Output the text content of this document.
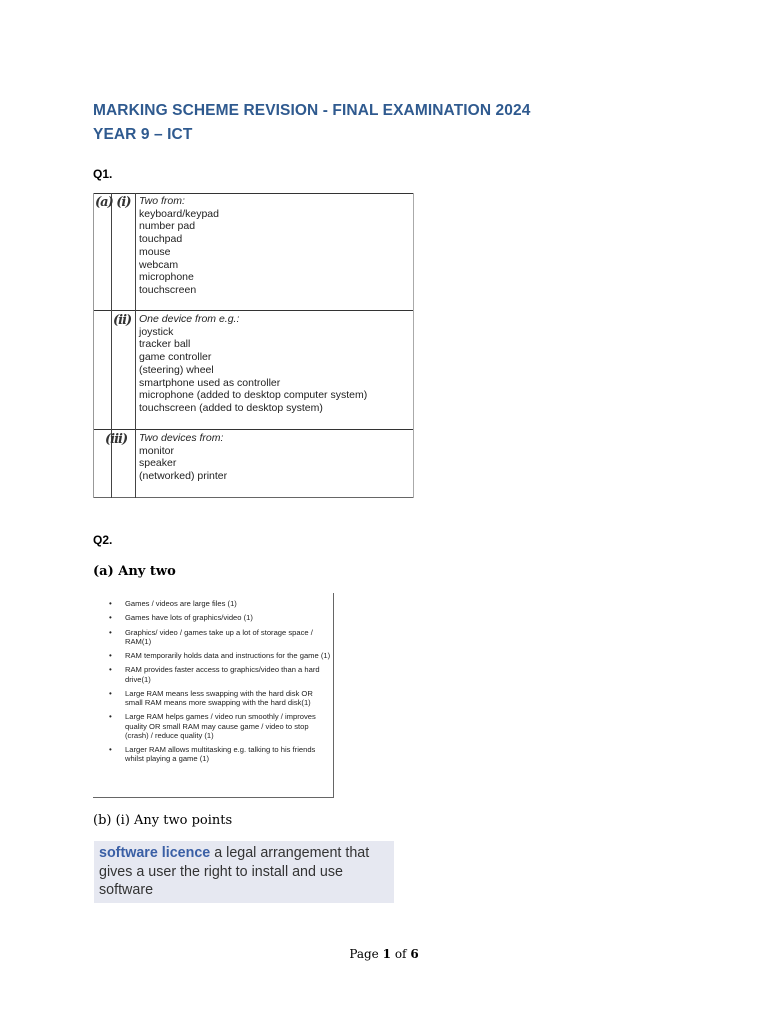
MARKING SCHEME REVISION - FINAL EXAMINATION 2024
YEAR 9 – ICT
Q1.
(a) (i) Two from:
keyboard/keypad
number pad
touchpad
mouse
webcam
microphone
touchscreen
(ii) One device from e.g.:
joystick
tracker ball
game controller
(steering) wheel
smartphone used as controller
microphone (added to desktop computer system)
touchscreen (added to desktop system)
(iii)	Two devices from:
monitor
speaker
(networked) printer
Q2.
(a) Any two
• Games / videos are large files (1)
• Games have lots of graphics/video (1)
• Graphics/ video / games take up a lot of storage space / RAM(1)
• RAM temporarily holds data and instructions for the game (1)
• RAM provides faster access to graphics/video than a hard drive(1)
• Large RAM means less swapping with the hard disk OR small RAM means more swapping with the hard disk(1)
• Large RAM helps games / video run smoothly / improves quality OR small RAM may cause game / video to stop (crash) / reduce quality (1)
• Larger RAM allows multitasking e.g. talking to his friends whilst playing a game (1)
(b) (i) Any two points

software licence a legal arrangement that gives a user the right to install and use software

Page 1 of 6
